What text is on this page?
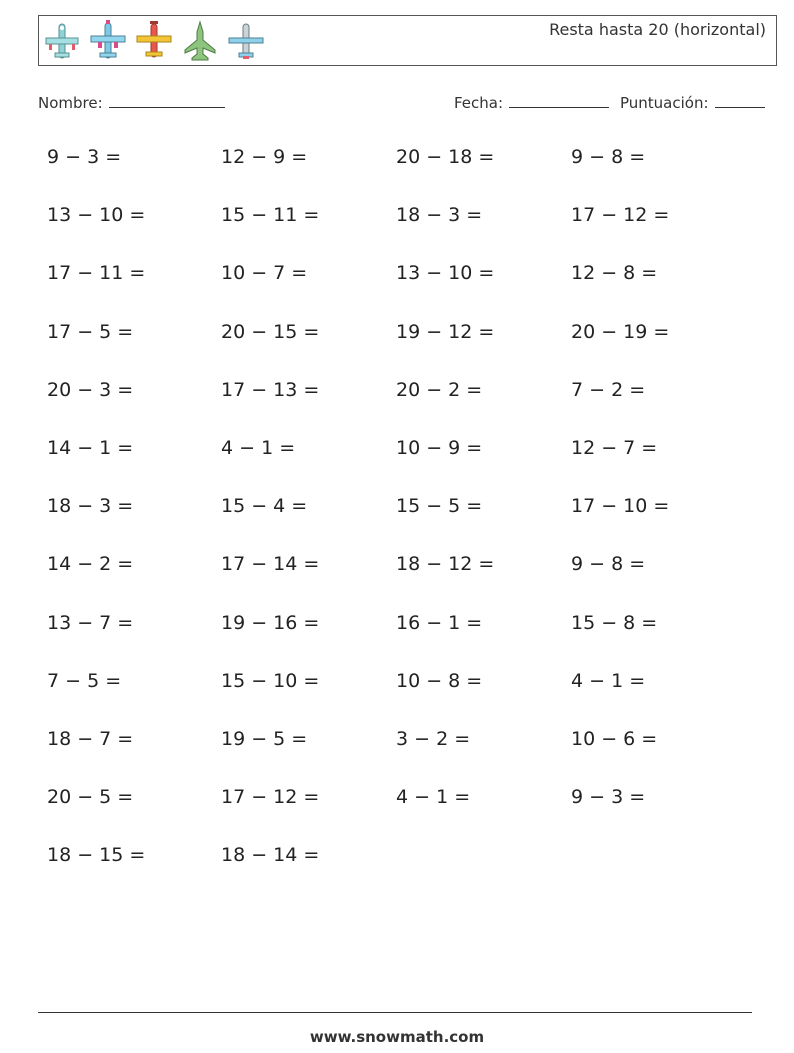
Resta hasta 20 (horizontal)
Nombre:	Fecha:	Puntuación:
9 − 3 =	12 − 9 =	20 − 18 =	9 − 8 =
13 − 10 =	15 − 11 =	18 − 3 =	17 − 12 =
17 − 11 =	10 − 7 =	13 − 10 =	12 − 8 =
17 − 5 =	20 − 15 =	19 − 12 =	20 − 19 =
20 − 3 =	17 − 13 =	20 − 2 =	7 − 2 =
14 − 1 =	4 − 1 =	10 − 9 =	12 − 7 =
18 − 3 =	15 − 4 =	15 − 5 =	17 − 10 =
14 − 2 =	17 − 14 =	18 − 12 =	9 − 8 =
13 − 7 =	19 − 16 =	16 − 1 =	15 − 8 =
7 − 5 =	15 − 10 =	10 − 8 =	4 − 1 =
18 − 7 =	19 − 5 =	3 − 2 =	10 − 6 =
20 − 5 =	17 − 12 =	4 − 1 =	9 − 3 =
18 − 15 =	18 − 14 =
www.snowmath.com
